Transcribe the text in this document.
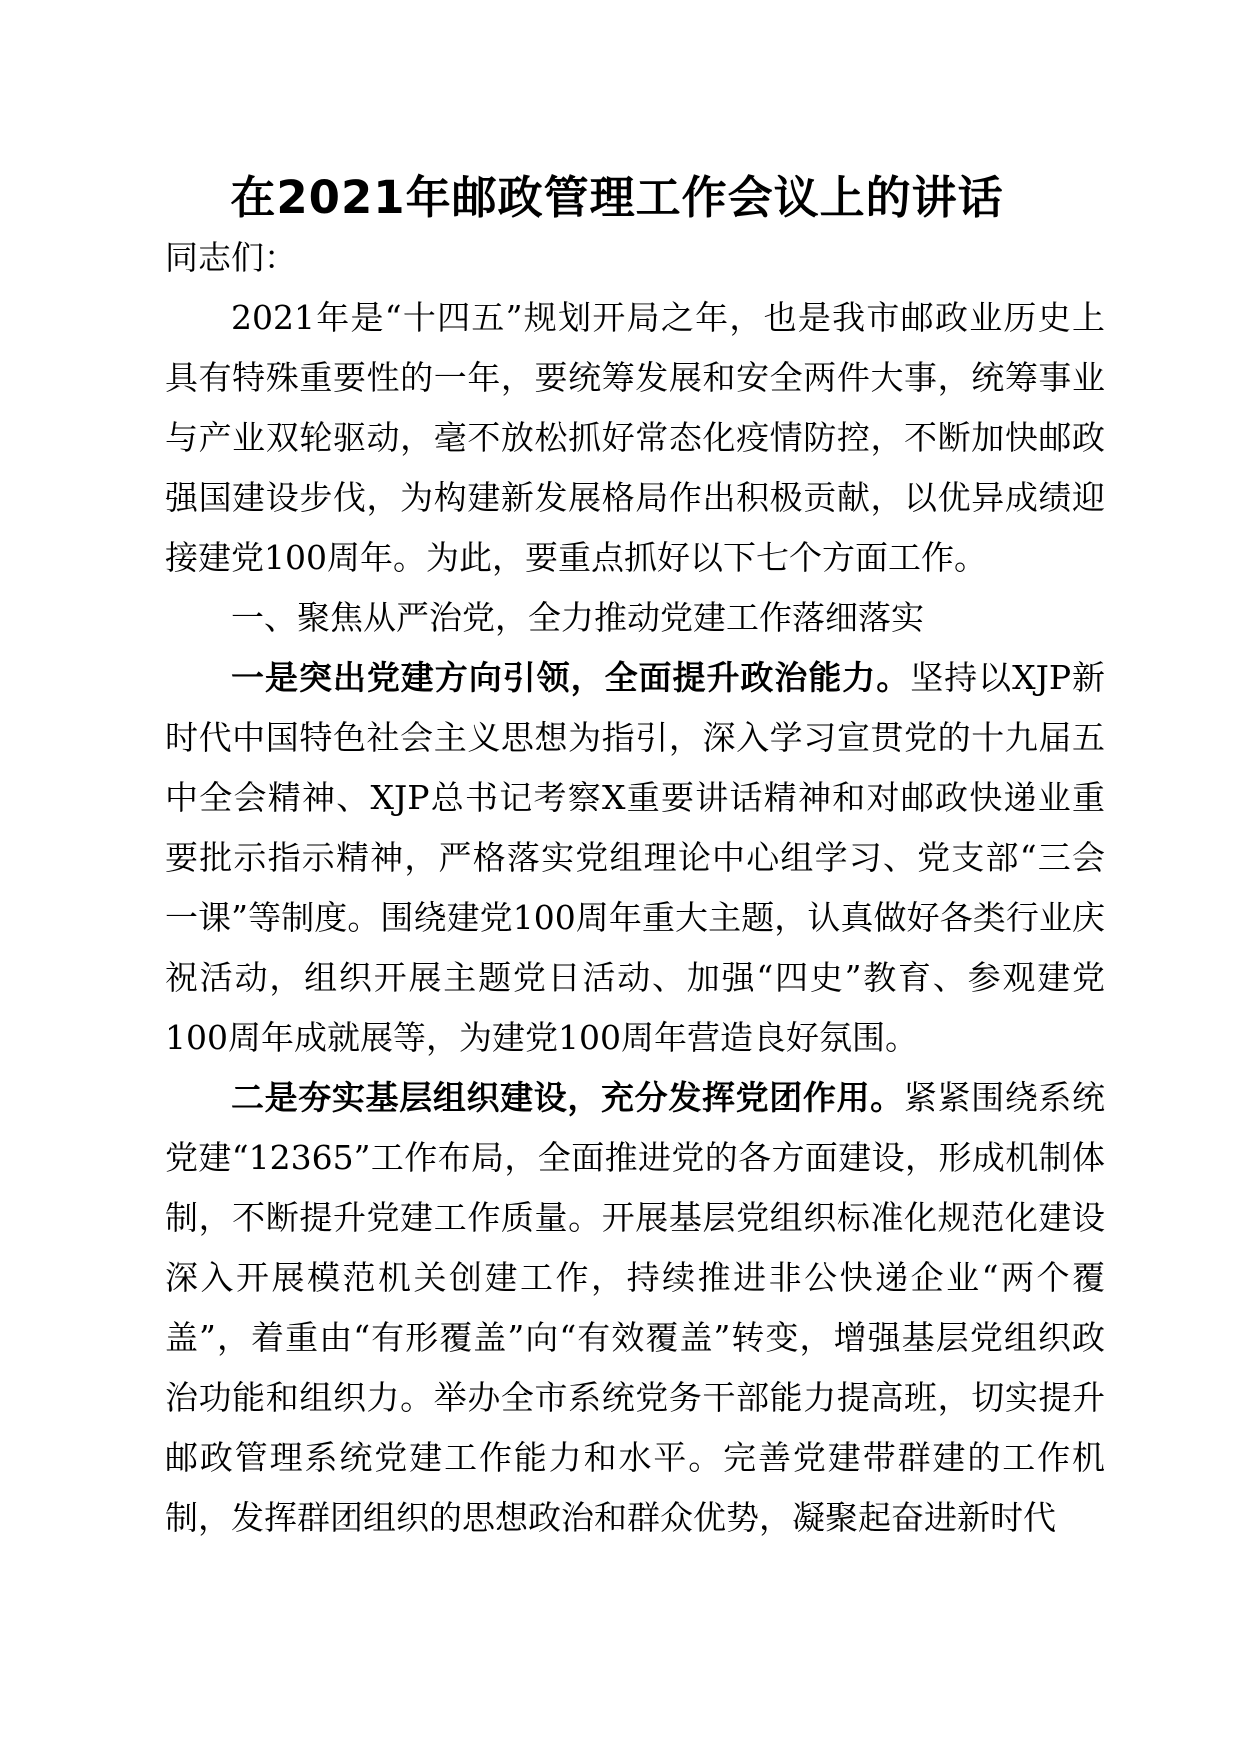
在2021年邮政管理工作会议上的讲话

同志们：

2021年是“十四五”规划开局之年，也是我市邮政业历史上具有特殊重要性的一年，要统筹发展和安全两件大事，统筹事业与产业双轮驱动，毫不放松抓好常态化疫情防控，不断加快邮政强国建设步伐，为构建新发展格局作出积极贡献，以优异成绩迎接建党100周年。为此，要重点抓好以下七个方面工作。

一、聚焦从严治党，全力推动党建工作落细落实

一是突出党建方向引领，全面提升政治能力。坚持以XJP新时代中国特色社会主义思想为指引，深入学习宣贯党的十九届五中全会精神、XJP总书记考察X重要讲话精神和对邮政快递业重要批示指示精神，严格落实党组理论中心组学习、党支部“三会一课”等制度。围绕建党100周年重大主题，认真做好各类行业庆祝活动，组织开展主题党日活动、加强“四史”教育、参观建党100周年成就展等，为建党100周年营造良好氛围。

二是夯实基层组织建设，充分发挥党团作用。紧紧围绕系统党建“12365”工作布局，全面推进党的各方面建设，形成机制体制，不断提升党建工作质量。开展基层党组织标准化规范化建设深入开展模范机关创建工作，持续推进非公快递企业“两个覆盖”，着重由“有形覆盖”向“有效覆盖”转变，增强基层党组织政治功能和组织力。举办全市系统党务干部能力提高班，切实提升邮政管理系统党建工作能力和水平。完善党建带群建的工作机制，发挥群团组织的思想政治和群众优势，凝聚起奋进新时代
